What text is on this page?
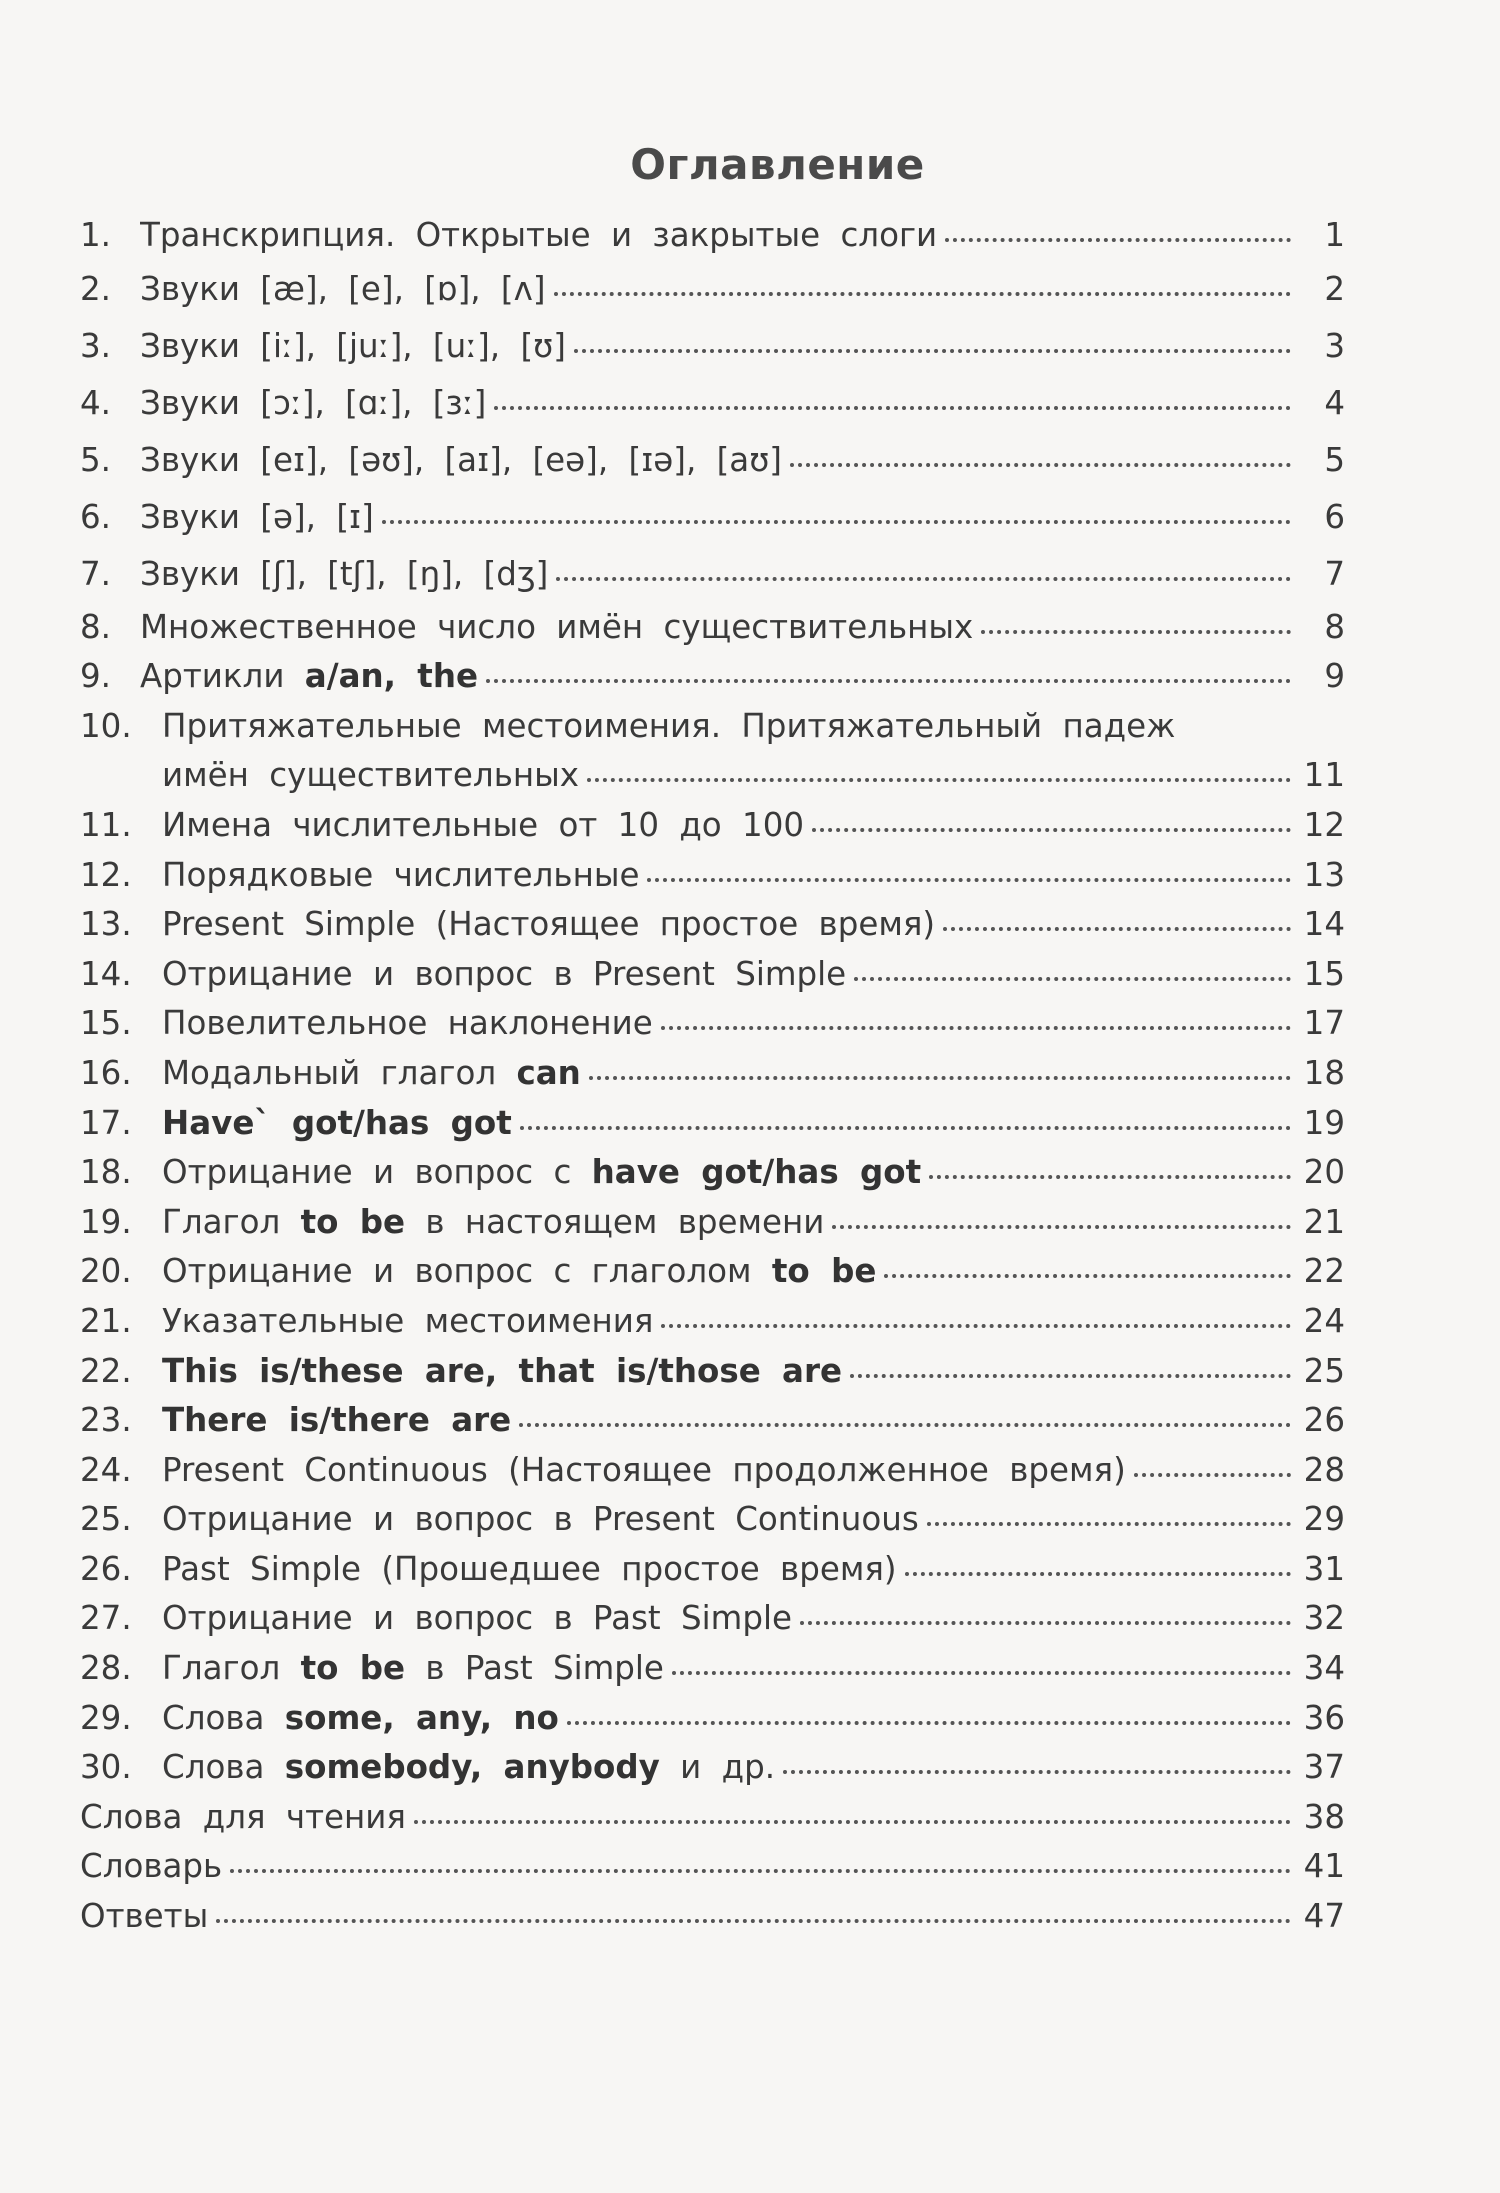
Оглавление
1. Транскрипция. Открытые и закрытые слоги	1
2. Звуки [æ], [e], [ɒ], [ʌ]	2
3. Звуки [iː], [juː], [uː], [ʊ]	3
4. Звуки [ɔː], [ɑː], [ɜː]	4
5. Звуки [eɪ], [əʊ], [aɪ], [eə], [ɪə], [aʊ]	5
6. Звуки [ə], [ɪ]	6
7. Звуки [ʃ], [tʃ], [ŋ], [dʒ]	7
8. Множественное число имён существительных	8
9. Артикли a/an, the	9
10. Притяжательные местоимения. Притяжательный падеж
имён существительных	11
11. Имена числительные от 10 до 100	12
12. Порядковые числительные	13
13. Present Simple (Настоящее простое время)	14
14. Отрицание и вопрос в Present Simple	15
15. Повелительное наклонение	17
16. Модальный глагол can	18
17. Have` got/has got	19
18. Отрицание и вопрос с have got/has got	20
19. Глагол to be в настоящем времени	21
20. Отрицание и вопрос с глаголом to be	22
21. Указательные местоимения	24
22. This is/these are, that is/those are	25
23. There is/there are	26
24. Present Continuous (Настоящее продолженное время)	28
25. Отрицание и вопрос в Present Continuous	29
26. Past Simple (Прошедшее простое время)	31
27. Отрицание и вопрос в Past Simple	32
28. Глагол to be в Past Simple	34
29. Слова some, any, no	36
30. Слова somebody, anybody и др.	37
Слова для чтения	38
Словарь	41
Ответы	47
